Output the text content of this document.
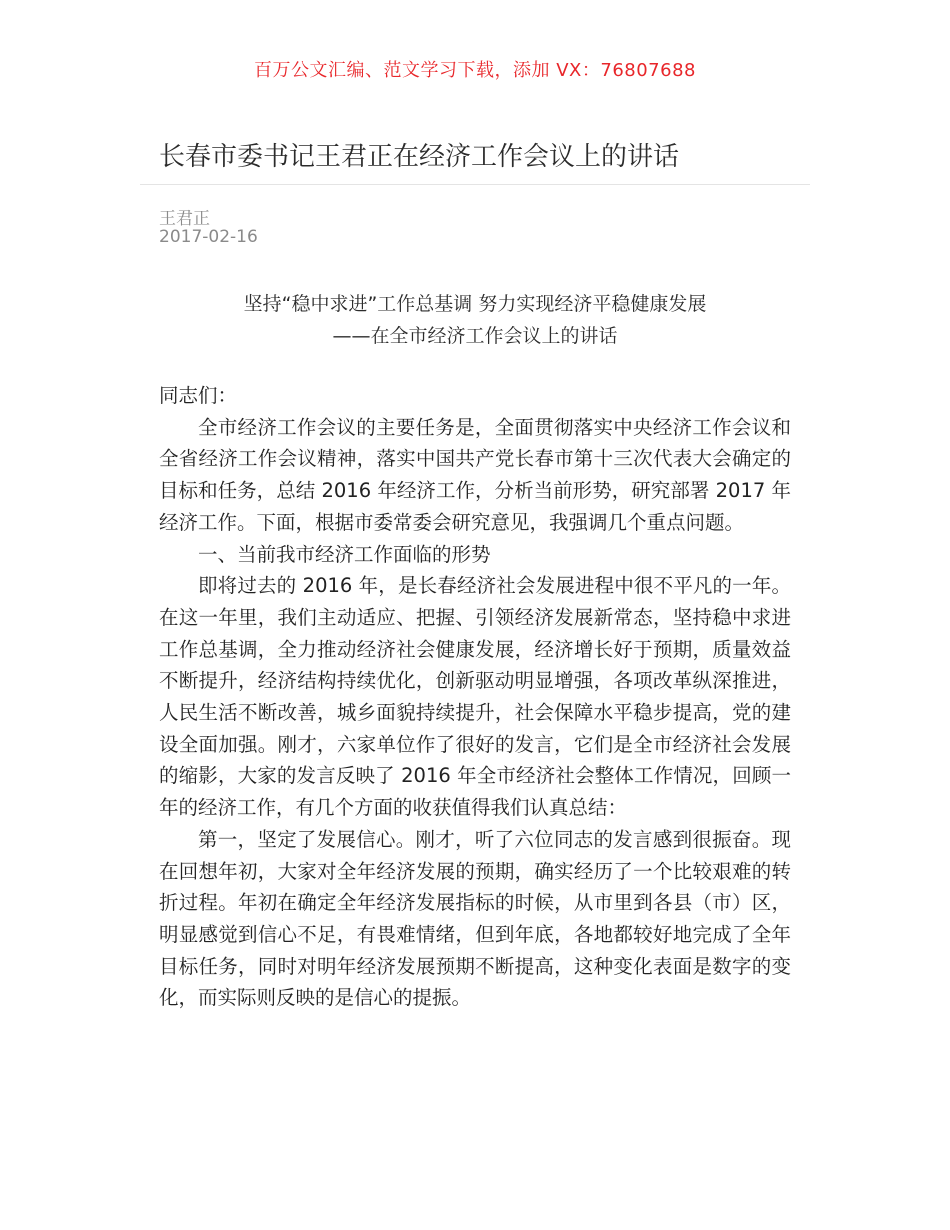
百万公文汇编、范文学习下载，添加 VX：76807688
长春市委书记王君正在经济工作会议上的讲话
王君正
2017-02-16
坚持“稳中求进”工作总基调 努力实现经济平稳健康发展
——在全市经济工作会议上的讲话

同志们：

全市经济工作会议的主要任务是，全面贯彻落实中央经济工作会议和全省经济工作会议精神，落实中国共产党长春市第十三次代表大会确定的目标和任务，总结 2016 年经济工作，分析当前形势，研究部署 2017 年经济工作。下面，根据市委常委会研究意见，我强调几个重点问题。

一、当前我市经济工作面临的形势

即将过去的 2016 年，是长春经济社会发展进程中很不平凡的一年。在这一年里，我们主动适应、把握、引领经济发展新常态，坚持稳中求进工作总基调，全力推动经济社会健康发展，经济增长好于预期，质量效益不断提升，经济结构持续优化，创新驱动明显增强，各项改革纵深推进，人民生活不断改善，城乡面貌持续提升，社会保障水平稳步提高，党的建设全面加强。刚才，六家单位作了很好的发言，它们是全市经济社会发展的缩影，大家的发言反映了 2016 年全市经济社会整体工作情况，回顾一年的经济工作，有几个方面的收获值得我们认真总结：

第一，坚定了发展信心。刚才，听了六位同志的发言感到很振奋。现在回想年初，大家对全年经济发展的预期，确实经历了一个比较艰难的转折过程。年初在确定全年经济发展指标的时候，从市里到各县（市）区，明显感觉到信心不足，有畏难情绪，但到年底，各地都较好地完成了全年目标任务，同时对明年经济发展预期不断提高，这种变化表面是数字的变化，而实际则反映的是信心的提振。
